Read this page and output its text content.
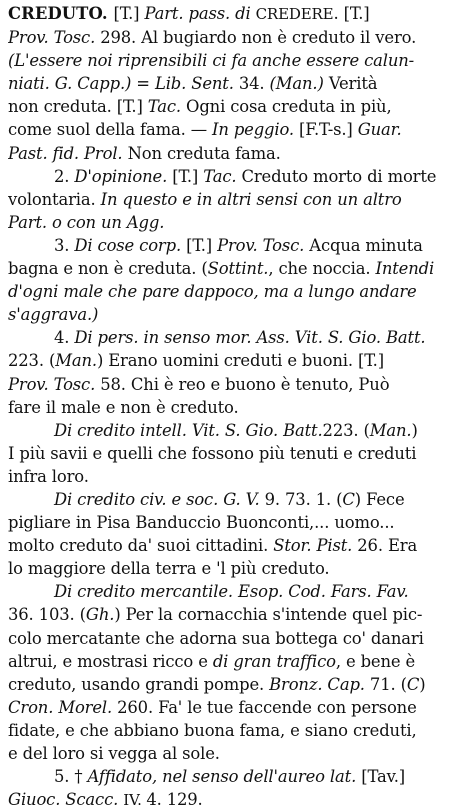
CREDUTO. [T.] Part. pass. di CREDERE. [T.]
Prov. Tosc. 298. Al bugiardo non è creduto il vero.
(L'essere noi riprensibili ci fa anche essere calun-
niati. G. Capp.) = Lib. Sent. 34. (Man.) Verità
non creduta. [T.] Tac. Ogni cosa creduta in più,
come suol della fama. — In peggio. [F.T-s.] Guar.
Past. fid. Prol. Non creduta fama.
2. D'opinione. [T.] Tac. Creduto morto di morte
volontaria. In questo e in altri sensi con un altro
Part. o con un Agg.
3. Di cose corp. [T.] Prov. Tosc. Acqua minuta
bagna e non è creduta. (Sottint., che noccia. Intendi
d'ogni male che pare dappoco, ma a lungo andare
s'aggrava.)
4. Di pers. in senso mor. Ass. Vit. S. Gio. Batt.
223. (Man.) Erano uomini creduti e buoni. [T.]
Prov. Tosc. 58. Chi è reo e buono è tenuto, Può
fare il male e non è creduto.
Di credito intell. Vit. S. Gio. Batt.223. (Man.)
I più savii e quelli che fossono più tenuti e creduti
infra loro.
Di credito civ. e soc. G. V. 9. 73. 1. (C) Fece
pigliare in Pisa Banduccio Buonconti,... uomo...
molto creduto da' suoi cittadini. Stor. Pist. 26. Era
lo maggiore della terra e 'l più creduto.
Di credito mercantile. Esop. Cod. Fars. Fav.
36. 103. (Gh.) Per la cornacchia s'intende quel pic-
colo mercatante che adorna sua bottega co' danari
altrui, e mostrasi ricco e di gran traffico, e bene è
creduto, usando grandi pompe. Bronz. Cap. 71. (C)
Cron. Morel. 260. Fa' le tue faccende con persone
fidate, e che abbiano buona fama, e siano creduti,
e del loro si vegga al sole.
5. † Affidato, nel senso dell'aureo lat. [Tav.]
Giuoc. Scacc. IV. 4. 129.
